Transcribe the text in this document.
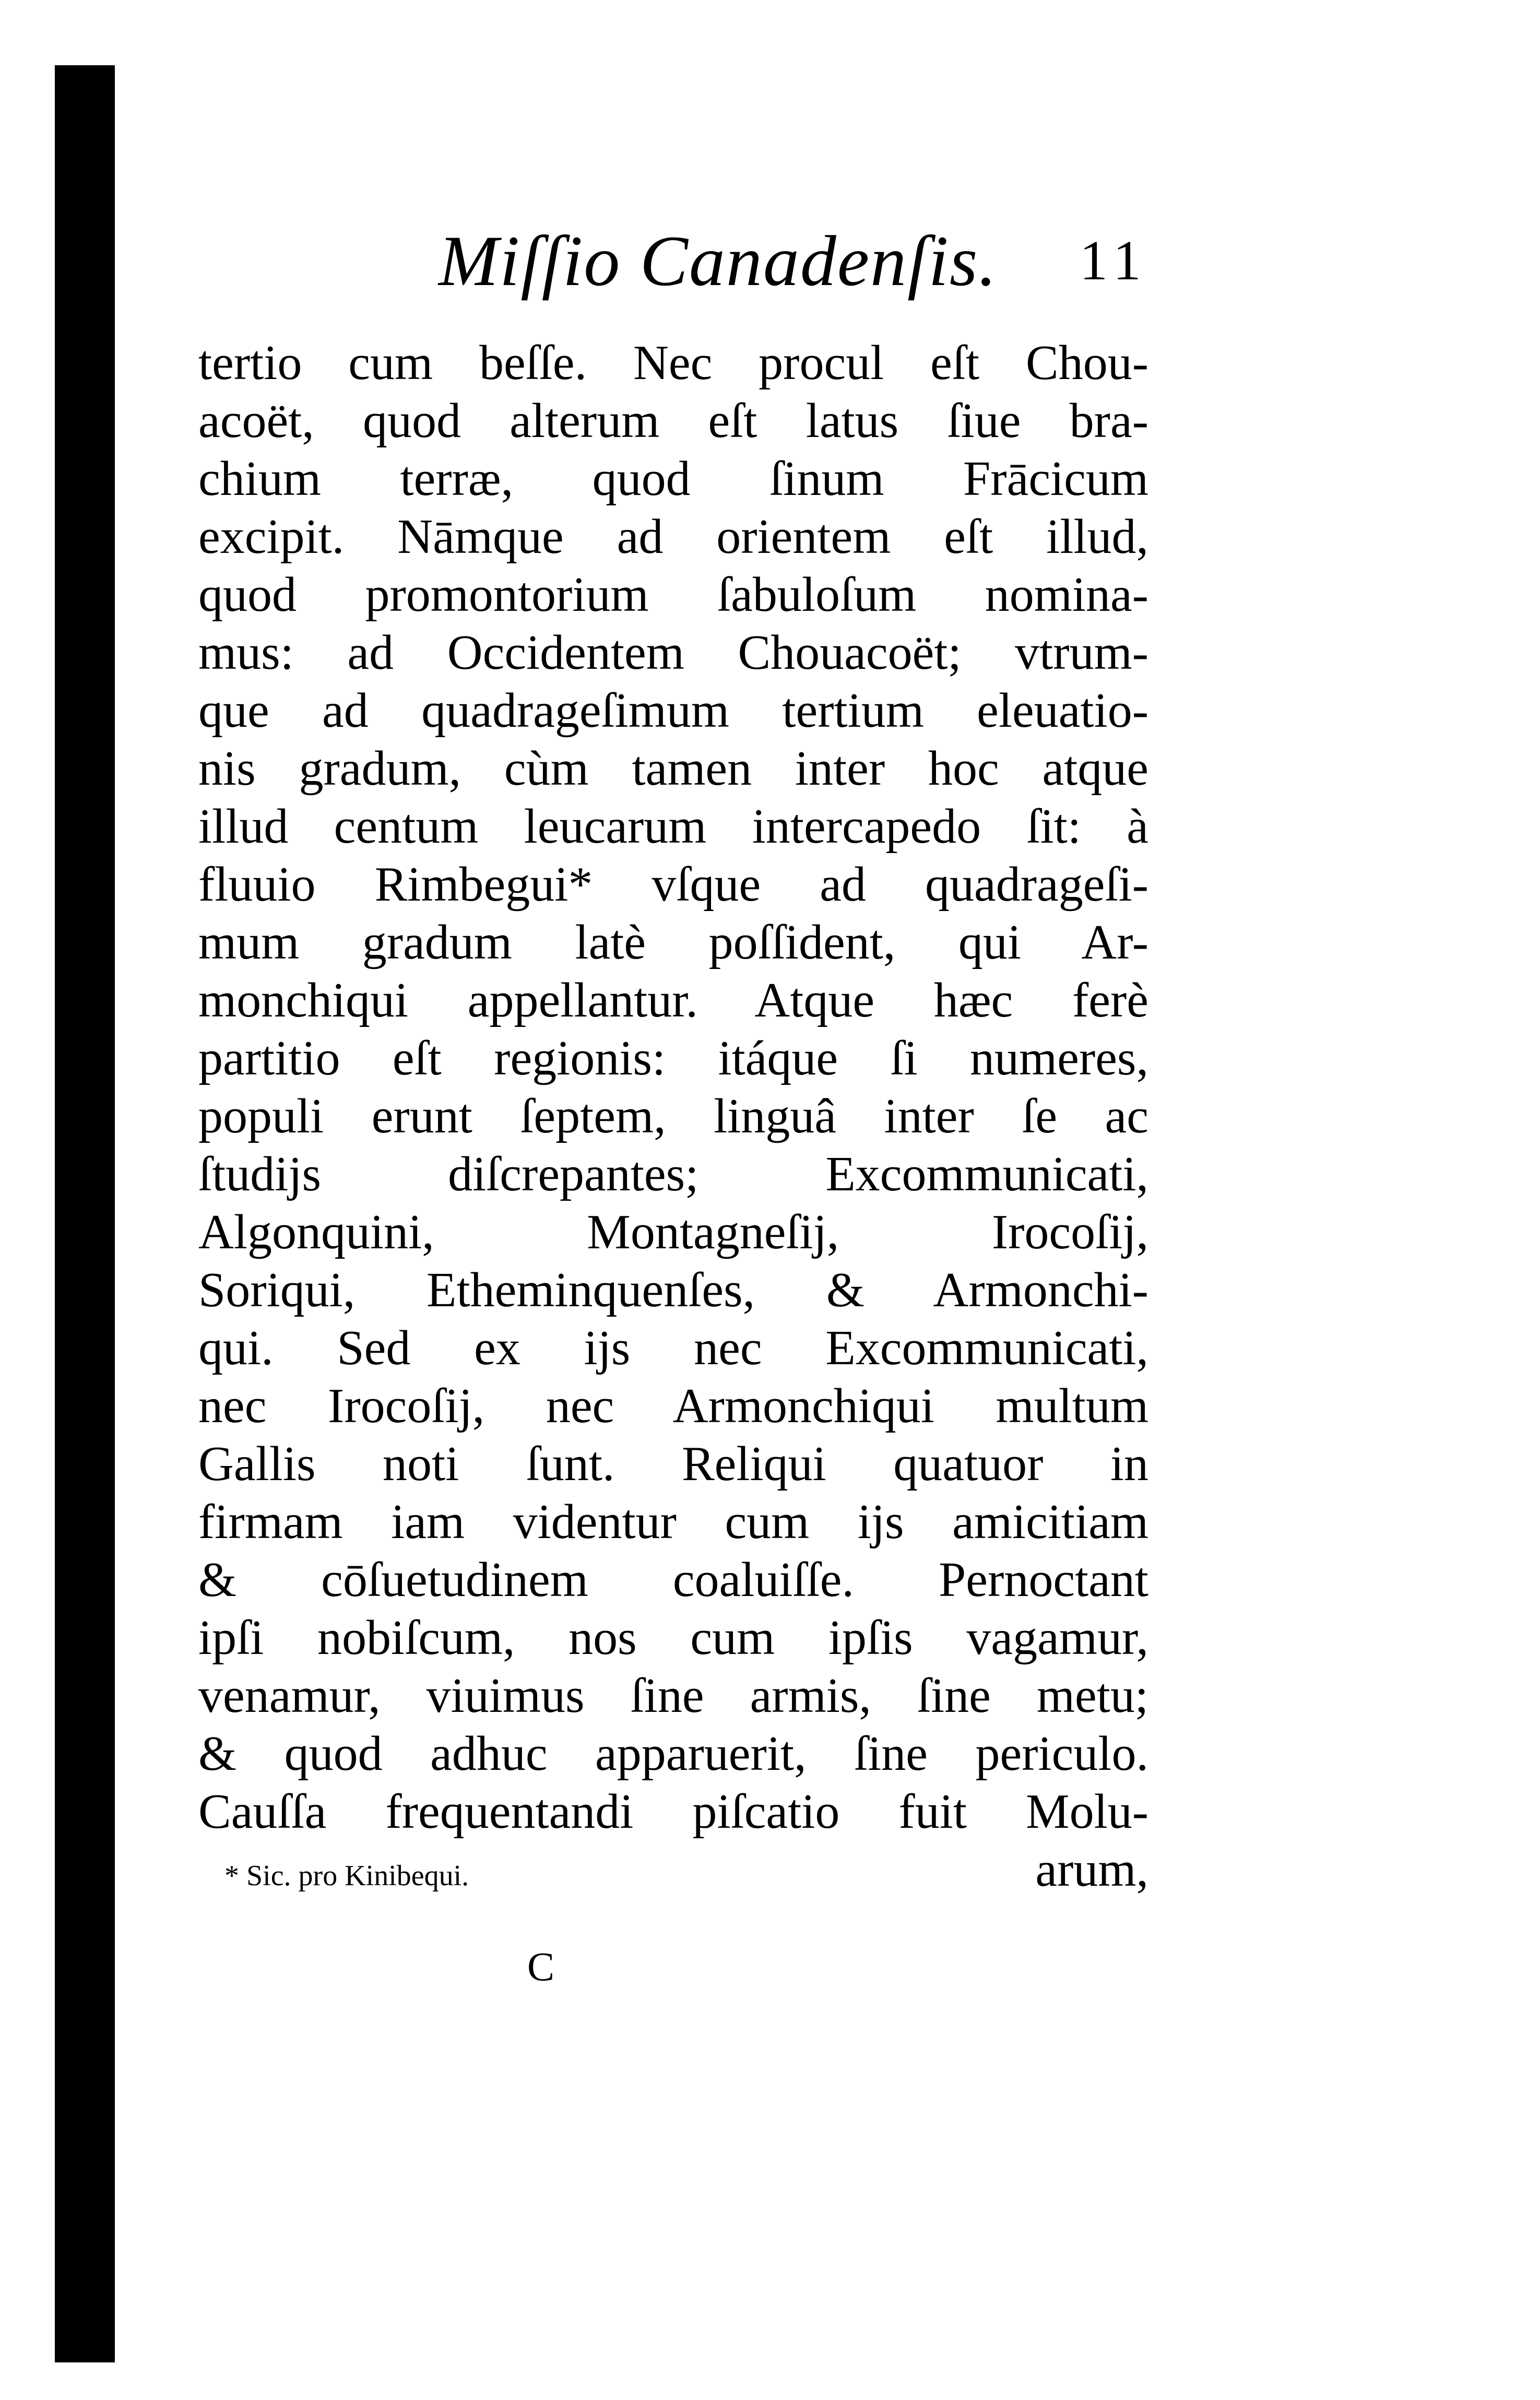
Miſſio Canadenſis. 11
tertio cum beſſe. Nec procul eſt Chou-
acoët, quod alterum eſt latus ſiue bra-
chium terræ, quod ſinum Frācicum
excipit. Nāmque ad orientem eſt illud,
quod promontorium ſabuloſum nomina-
mus: ad Occidentem Chouacoët; vtrum-
que ad quadrageſimum tertium eleuatio-
nis gradum, cùm tamen inter hoc atque
illud centum leucarum intercapedo ſit: à
fluuio Rimbegui* vſque ad quadrageſi-
mum gradum latè poſſident, qui Ar-
monchiqui appellantur. Atque hæc ferè
partitio eſt regionis: itáque ſi numeres,
populi erunt ſeptem, linguâ inter ſe ac
ſtudijs diſcrepantes; Excommunicati,
Algonquini, Montagneſij, Irocoſij,
Soriqui, Etheminquenſes, & Armonchi-
qui. Sed ex ijs nec Excommunicati,
nec Irocoſij, nec Armonchiqui multum
Gallis noti ſunt. Reliqui quatuor in
firmam iam videntur cum ijs amicitiam
& cōſuetudinem coaluiſſe. Pernoctant
ipſi nobiſcum, nos cum ipſis vagamur,
venamur, viuimus ſine armis, ſine metu;
& quod adhuc apparuerit, ſine periculo.
Cauſſa frequentandi piſcatio fuit Molu-
* Sic. pro Kinibequi.	arum,
C
